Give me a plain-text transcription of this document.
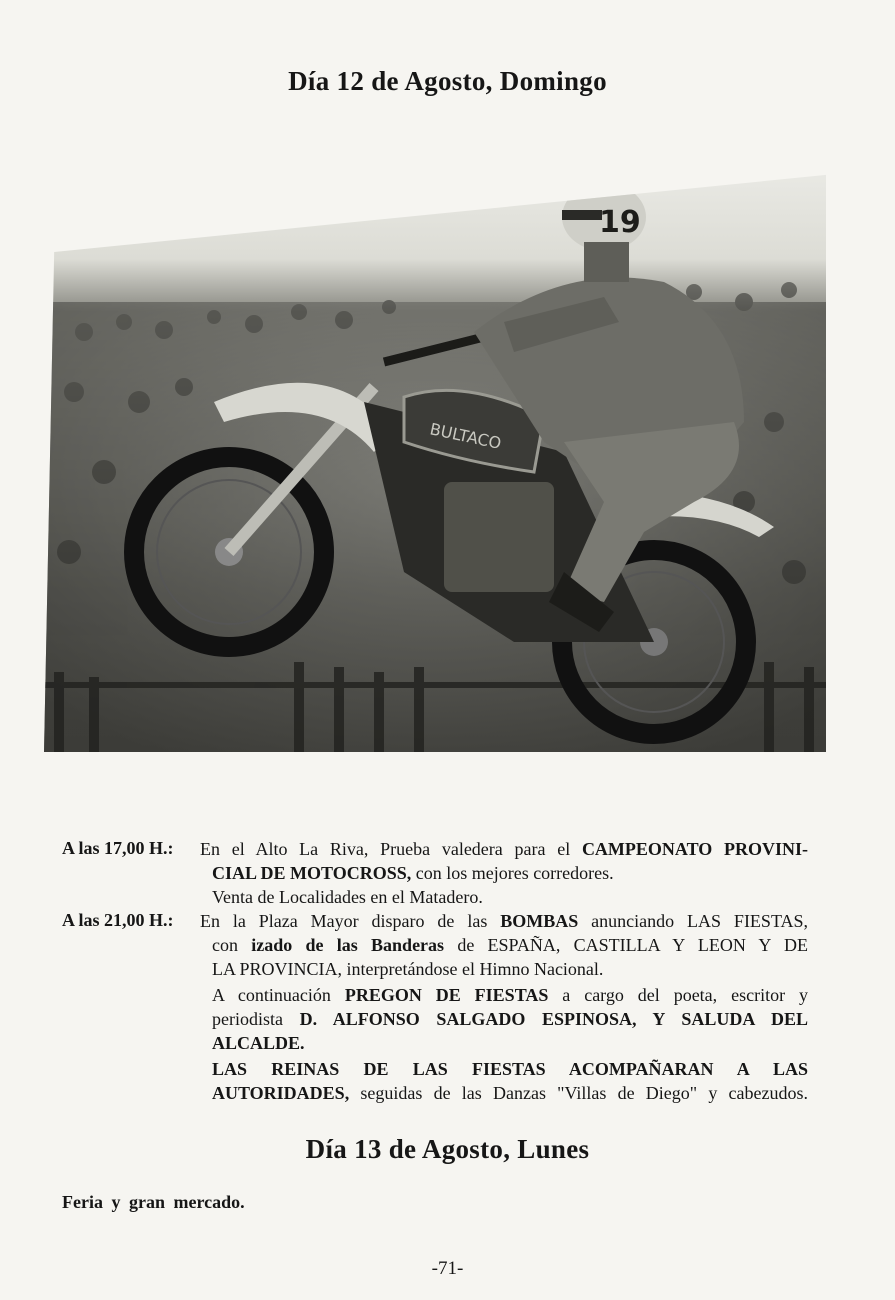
Día 12 de Agosto, Domingo
BULTACO
19
A las 17,00 H.: En el Alto La Riva, Prueba valedera para el CAMPEONATO PROVINI-
CIAL DE MOTOCROSS, con los mejores corredores.
Venta de Localidades en el Matadero.
A las 21,00 H.: En la Plaza Mayor disparo de las BOMBAS anunciando LAS FIESTAS,
con izado de las Banderas de ESPAÑA, CASTILLA Y LEON Y DE
LA PROVINCIA, interpretándose el Himno Nacional.
A continuación PREGON DE FIESTAS a cargo del poeta, escritor y
periodista D. ALFONSO SALGADO ESPINOSA, Y SALUDA DEL
ALCALDE.
LAS REINAS DE LAS FIESTAS ACOMPAÑARAN A LAS
AUTORIDADES, seguidas de las Danzas "Villas de Diego" y cabezudos.
Día 13 de Agosto, Lunes
Feria y gran mercado.
-71-
